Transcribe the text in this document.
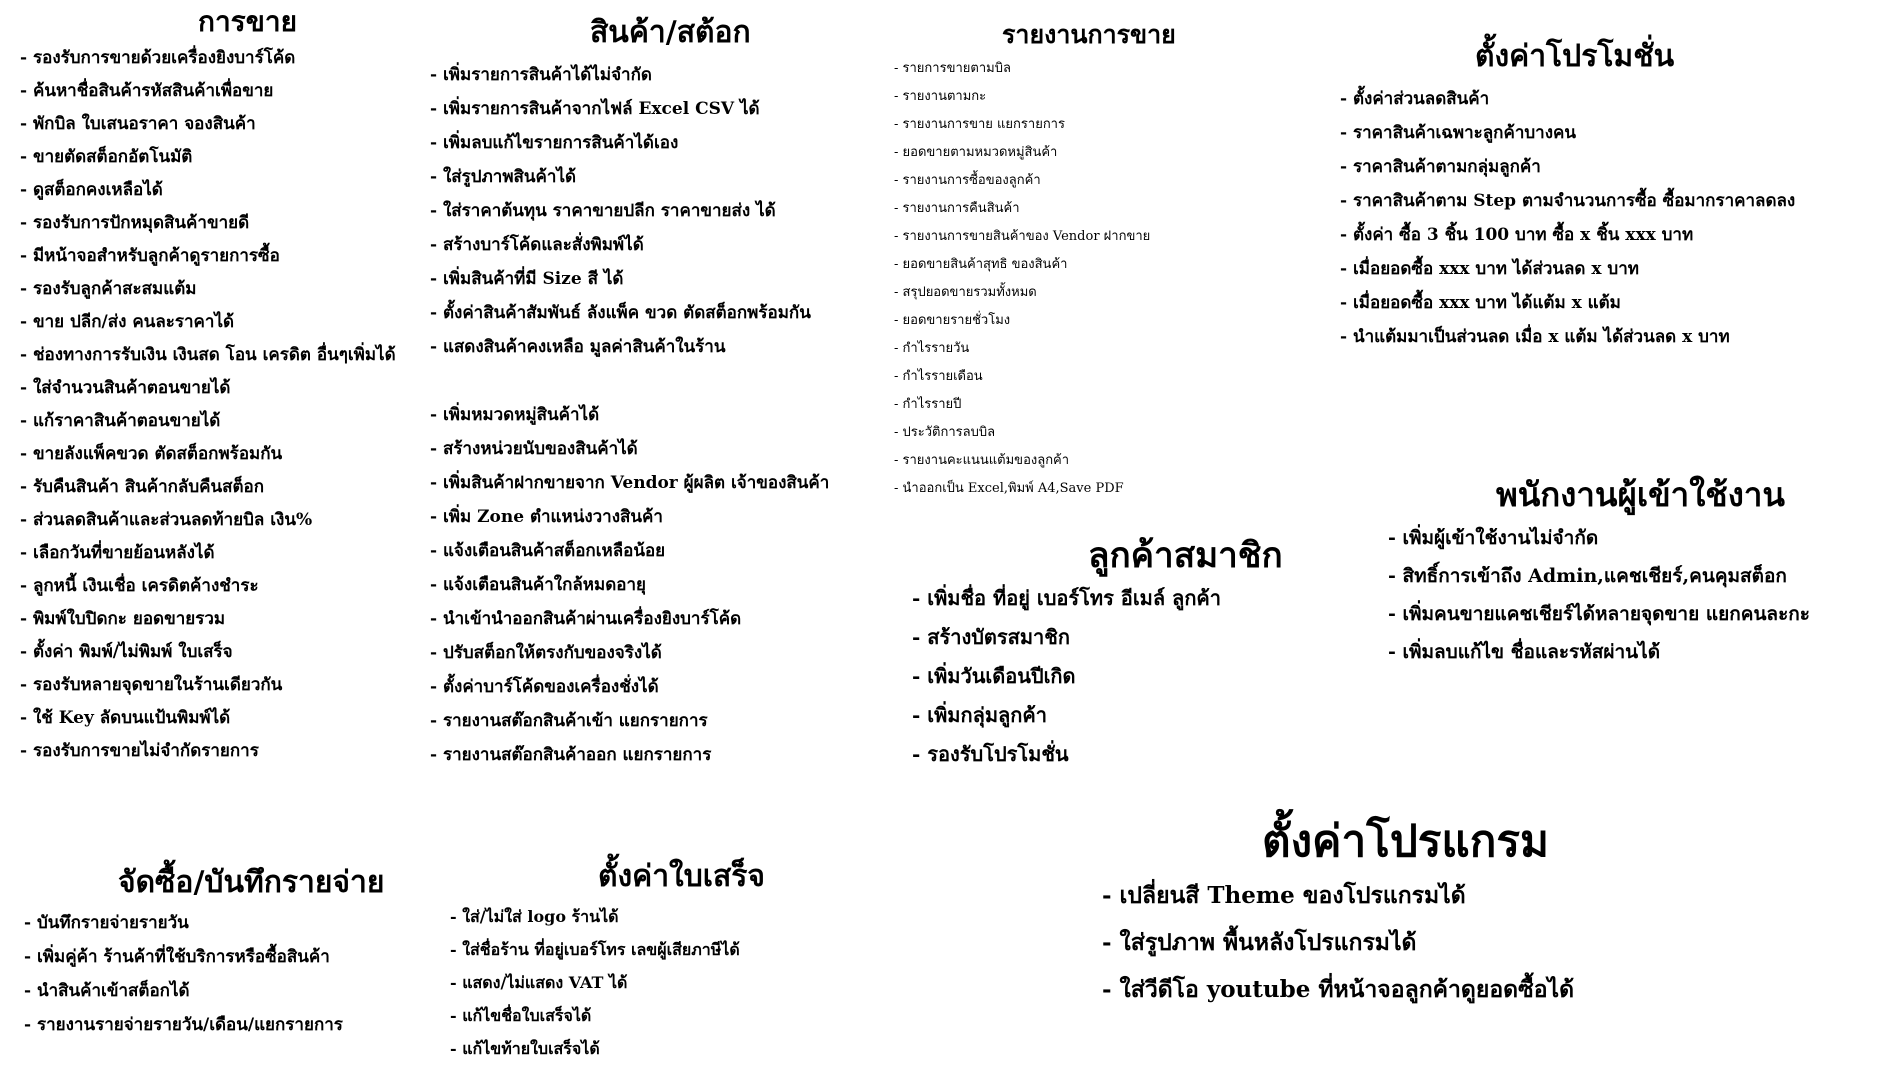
การขาย
- รองรับการขายด้วยเครื่องยิงบาร์โค้ด
- ค้นหาชื่อสินค้ารหัสสินค้าเพื่อขาย
- พักบิล ใบเสนอราคา จองสินค้า
- ขายตัดสต็อกอัตโนมัติ
- ดูสต็อกคงเหลือได้
- รองรับการปักหมุดสินค้าขายดี
- มีหน้าจอสำหรับลูกค้าดูรายการซื้อ
- รองรับลูกค้าสะสมแต้ม
- ขาย ปลีก/ส่ง คนละราคาได้
- ช่องทางการรับเงิน เงินสด โอน เครดิต อื่นๆเพิ่มได้
- ใส่จำนวนสินค้าตอนขายได้
- แก้ราคาสินค้าตอนขายได้
- ขายลังแพ็คขวด ตัดสต็อกพร้อมกัน
- รับคืนสินค้า สินค้ากลับคืนสต็อก
- ส่วนลดสินค้าและส่วนลดท้ายบิล เงิน%
- เลือกวันที่ขายย้อนหลังได้
- ลูกหนี้ เงินเชื่อ เครดิตค้างชำระ
- พิมพ์ใบปิดกะ ยอดขายรวม
- ตั้งค่า พิมพ์/ไม่พิมพ์ ใบเสร็จ
- รองรับหลายจุดขายในร้านเดียวกัน
- ใช้ Key ลัดบนแป้นพิมพ์ได้
- รองรับการขายไม่จำกัดรายการ
สินค้า/สต้อก
- เพิ่มรายการสินค้าได้ไม่จำกัด
- เพิ่มรายการสินค้าจากไฟล์ Excel CSV ได้
- เพิ่มลบแก้ไขรายการสินค้าได้เอง
- ใส่รูปภาพสินค้าได้
- ใส่ราคาต้นทุน ราคาขายปลีก ราคาขายส่ง ได้
- สร้างบาร์โค้ดและสั่งพิมพ์ได้
- เพิ่มสินค้าที่มี Size สี ได้
- ตั้งค่าสินค้าสัมพันธ์ ลังแพ็ค ขวด ตัดสต็อกพร้อมกัน
- แสดงสินค้าคงเหลือ มูลค่าสินค้าในร้าน
- เพิ่มหมวดหมู่สินค้าได้
- สร้างหน่วยนับของสินค้าได้
- เพิ่มสินค้าฝากขายจาก Vendor ผู้ผลิต เจ้าของสินค้า
- เพิ่ม Zone ตำแหน่งวางสินค้า
- แจ้งเตือนสินค้าสต็อกเหลือน้อย
- แจ้งเตือนสินค้าใกล้หมดอายุ
- นำเข้านำออกสินค้าผ่านเครื่องยิงบาร์โค้ด
- ปรับสต็อกให้ตรงกับของจริงได้
- ตั้งค่าบาร์โค้ดของเครื่องชั่งได้
- รายงานสต๊อกสินค้าเข้า แยกรายการ
- รายงานสต๊อกสินค้าออก แยกรายการ
รายงานการขาย
- รายการขายตามบิล
- รายงานตามกะ
- รายงานการขาย แยกรายการ
- ยอดขายตามหมวดหมู่สินค้า
- รายงานการซื้อของลูกค้า
- รายงานการคืนสินค้า
- รายงานการขายสินค้าของ Vendor ฝากขาย
- ยอดขายสินค้าสุทธิ ของสินค้า
- สรุปยอดขายรวมทั้งหมด
- ยอดขายรายชั่วโมง
- กำไรรายวัน
- กำไรรายเดือน
- กำไรรายปี
- ประวัติการลบบิล
- รายงานคะแนนแต้มของลูกค้า
- นำออกเป็น Excel,พิมพ์ A4,Save PDF
ตั้งค่าโปรโมชั่น
- ตั้งค่าส่วนลดสินค้า
- ราคาสินค้าเฉพาะลูกค้าบางคน
- ราคาสินค้าตามกลุ่มลูกค้า
- ราคาสินค้าตาม Step ตามจำนวนการซื้อ ซื้อมากราคาลดลง
- ตั้งค่า ซื้อ 3 ชิ้น 100 บาท ซื้อ x ชิ้น xxx บาท
- เมื่อยอดซื้อ xxx บาท ได้ส่วนลด x บาท
- เมื่อยอดซื้อ xxx บาท ได้แต้ม x แต้ม
- นำแต้มมาเป็นส่วนลด เมื่อ x แต้ม ได้ส่วนลด x บาท
พนักงานผู้เข้าใช้งาน
- เพิ่มผู้เข้าใช้งานไม่จำกัด
- สิทธิ์การเข้าถึง Admin,แคชเชียร์,คนคุมสต็อก
- เพิ่มคนขายแคชเชียร์ได้หลายจุดขาย แยกคนละกะ
- เพิ่มลบแก้ไข ชื่อและรหัสผ่านได้
ลูกค้าสมาชิก
- เพิ่มชื่อ ที่อยู่ เบอร์โทร อีเมล์ ลูกค้า
- สร้างบัตรสมาชิก
- เพิ่มวันเดือนปีเกิด
- เพิ่มกลุ่มลูกค้า
- รองรับโปรโมชั่น
ตั้งค่าโปรแกรม
- เปลี่ยนสี Theme ของโปรแกรมได้
- ใส่รูปภาพ พื้นหลังโปรแกรมได้
- ใส่วีดีโอ youtube ที่หน้าจอลูกค้าดูยอดซื้อได้
จัดซื้อ/บันทึกรายจ่าย
- บันทึกรายจ่ายรายวัน
- เพิ่มคู่ค้า ร้านค้าที่ใช้บริการหรือซื้อสินค้า
- นำสินค้าเข้าสต็อกได้
- รายงานรายจ่ายรายวัน/เดือน/แยกรายการ
ตั้งค่าใบเสร็จ
- ใส่/ไม่ใส่ logo ร้านได้
- ใส่ชื่อร้าน ที่อยู่เบอร์โทร เลขผู้เสียภาษีได้
- แสดง/ไม่แสดง VAT ได้
- แก้ไขชื่อใบเสร็จได้
- แก้ไขท้ายใบเสร็จได้
